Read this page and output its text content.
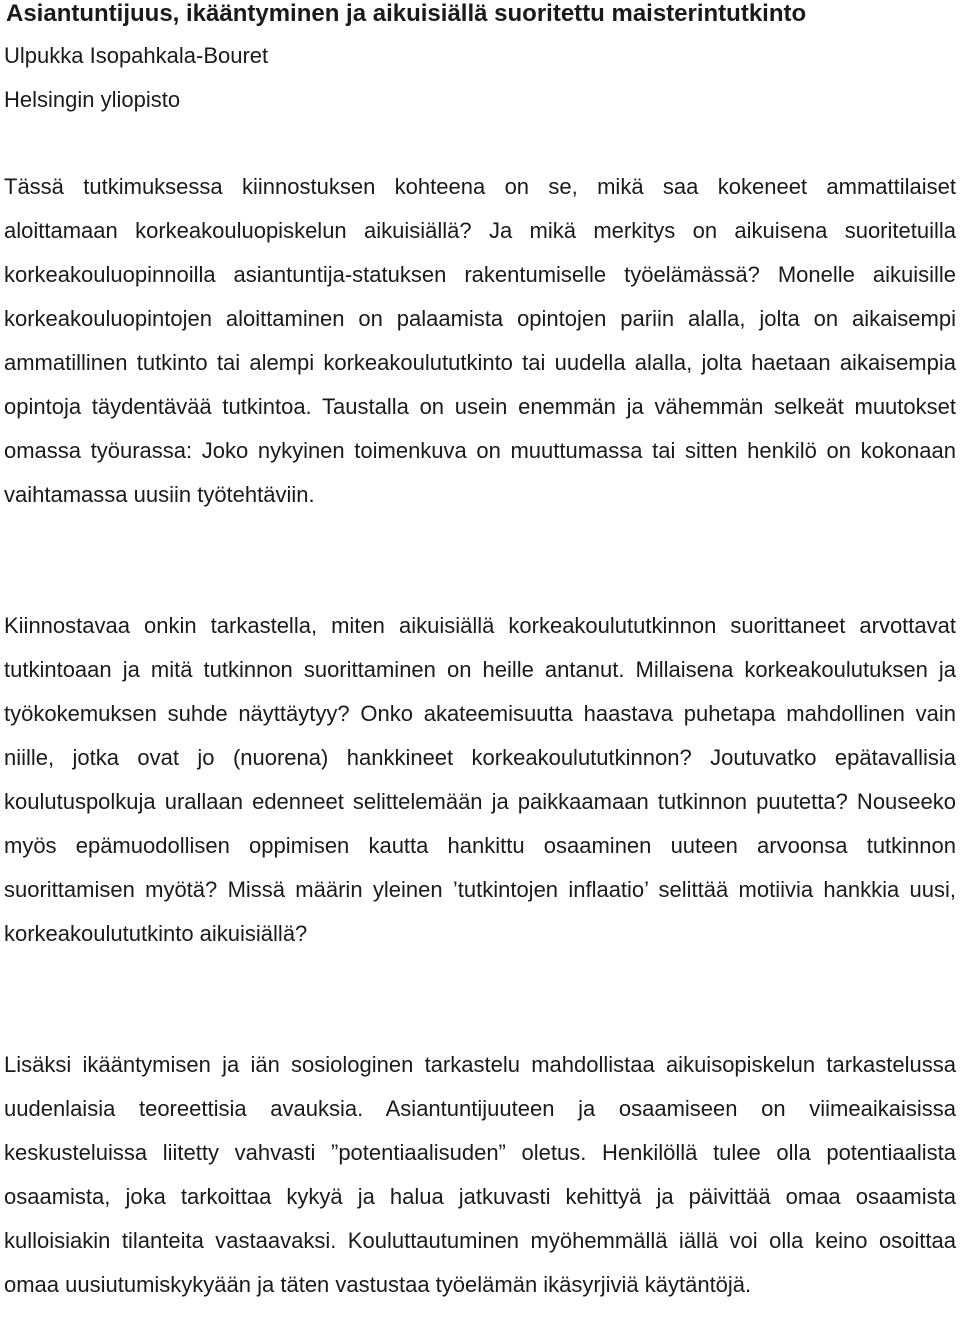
Asiantuntijuus, ikääntyminen ja aikuisiällä suoritettu maisterintutkinto

Ulpukka Isopahkala-Bouret

Helsingin yliopisto

Tässä tutkimuksessa kiinnostuksen kohteena on se, mikä saa kokeneet ammattilaiset aloittamaan korkeakouluopiskelun aikuisiällä? Ja mikä merkitys on aikuisena suoritetuilla korkeakouluopinnoilla asiantuntija-statuksen rakentumiselle työelämässä? Monelle aikuisille korkeakouluopintojen aloittaminen on palaamista opintojen pariin alalla, jolta on aikaisempi ammatillinen tutkinto tai alempi korkeakoulututkinto tai uudella alalla, jolta haetaan aikaisempia opintoja täydentävää tutkintoa. Taustalla on usein enemmän ja vähemmän selkeät muutokset omassa työurassa: Joko nykyinen toimenkuva on muuttumassa tai sitten henkilö on kokonaan vaihtamassa uusiin työtehtäviin.

Kiinnostavaa onkin tarkastella, miten aikuisiällä korkeakoulututkinnon suorittaneet arvottavat tutkintoaan ja mitä tutkinnon suorittaminen on heille antanut. Millaisena korkeakoulutuksen ja työkokemuksen suhde näyttäytyy? Onko akateemisuutta haastava puhetapa mahdollinen vain niille, jotka ovat jo (nuorena) hankkineet korkeakoulututkinnon? Joutuvatko epätavallisia koulutuspolkuja urallaan edenneet selittelemään ja paikkaamaan tutkinnon puutetta? Nouseeko myös epämuodollisen oppimisen kautta hankittu osaaminen uuteen arvoonsa tutkinnon suorittamisen myötä? Missä määrin yleinen ’tutkintojen inflaatio’ selittää motiivia hankkia uusi, korkeakoulututkinto aikuisiällä?

Lisäksi ikääntymisen ja iän sosiologinen tarkastelu mahdollistaa aikuisopiskelun tarkastelussa uudenlaisia teoreettisia avauksia. Asiantuntijuuteen ja osaamiseen on viimeaikaisissa keskusteluissa liitetty vahvasti ”potentiaalisuden” oletus. Henkilöllä tulee olla potentiaalista osaamista, joka tarkoittaa kykyä ja halua jatkuvasti kehittyä ja päivittää omaa osaamista kulloisiakin tilanteita vastaavaksi. Kouluttautuminen myöhemmällä iällä voi olla keino osoittaa omaa uusiutumiskykyään ja täten vastustaa työelämän ikäsyrjiviä käytäntöjä.
